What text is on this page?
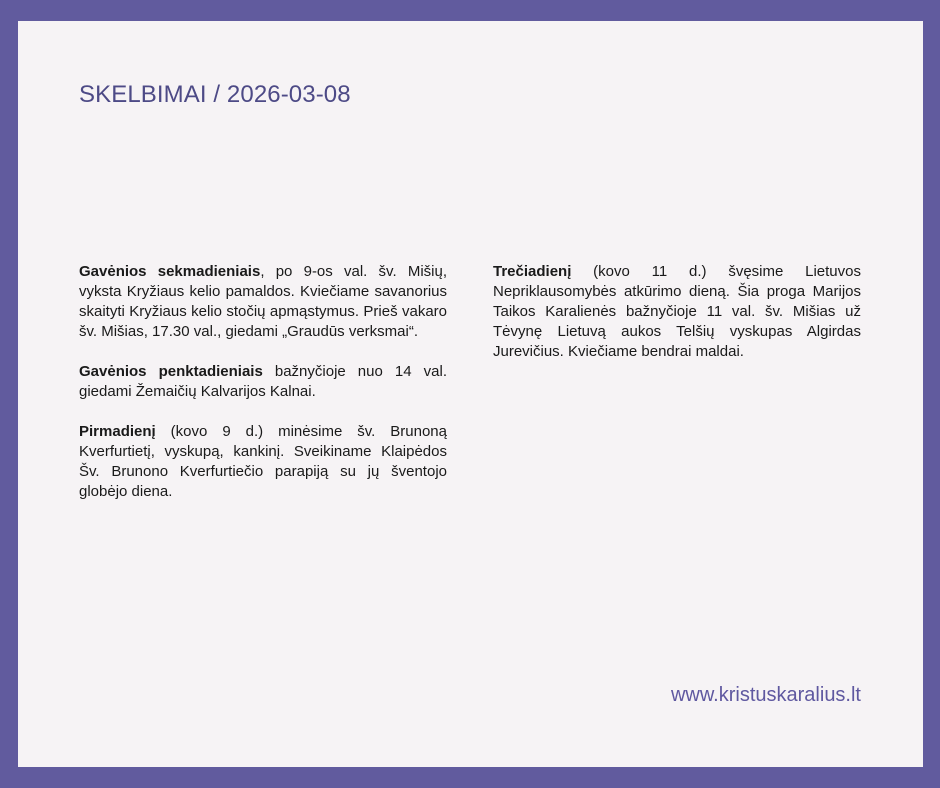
SKELBIMAI / 2026-03-08

Gavėnios sekmadieniais, po 9-os val. šv. Mišių, vyksta Kryžiaus kelio pamaldos. Kviečiame savanorius skaityti Kryžiaus kelio stočių apmąstymus. Prieš vakaro šv. Mišias, 17.30 val., giedami „Graudūs verksmai“.

Gavėnios penktadieniais bažnyčioje nuo 14 val. giedami Žemaičių Kalvarijos Kalnai.

Pirmadienį (kovo 9 d.) minėsime šv. Brunoną Kverfurtietį, vyskupą, kankinį. Sveikiname Klaipėdos Šv. Brunono Kverfurtiečio parapiją su jų šventojo globėjo diena.

Trečiadienį (kovo 11 d.) švęsime Lietuvos Nepriklausomybės atkūrimo dieną. Šia proga Marijos Taikos Karalienės bažnyčioje 11 val. šv. Mišias už Tėvynę Lietuvą aukos Telšių vyskupas Algirdas Jurevičius. Kviečiame bendrai maldai.

www.kristuskaralius.lt
